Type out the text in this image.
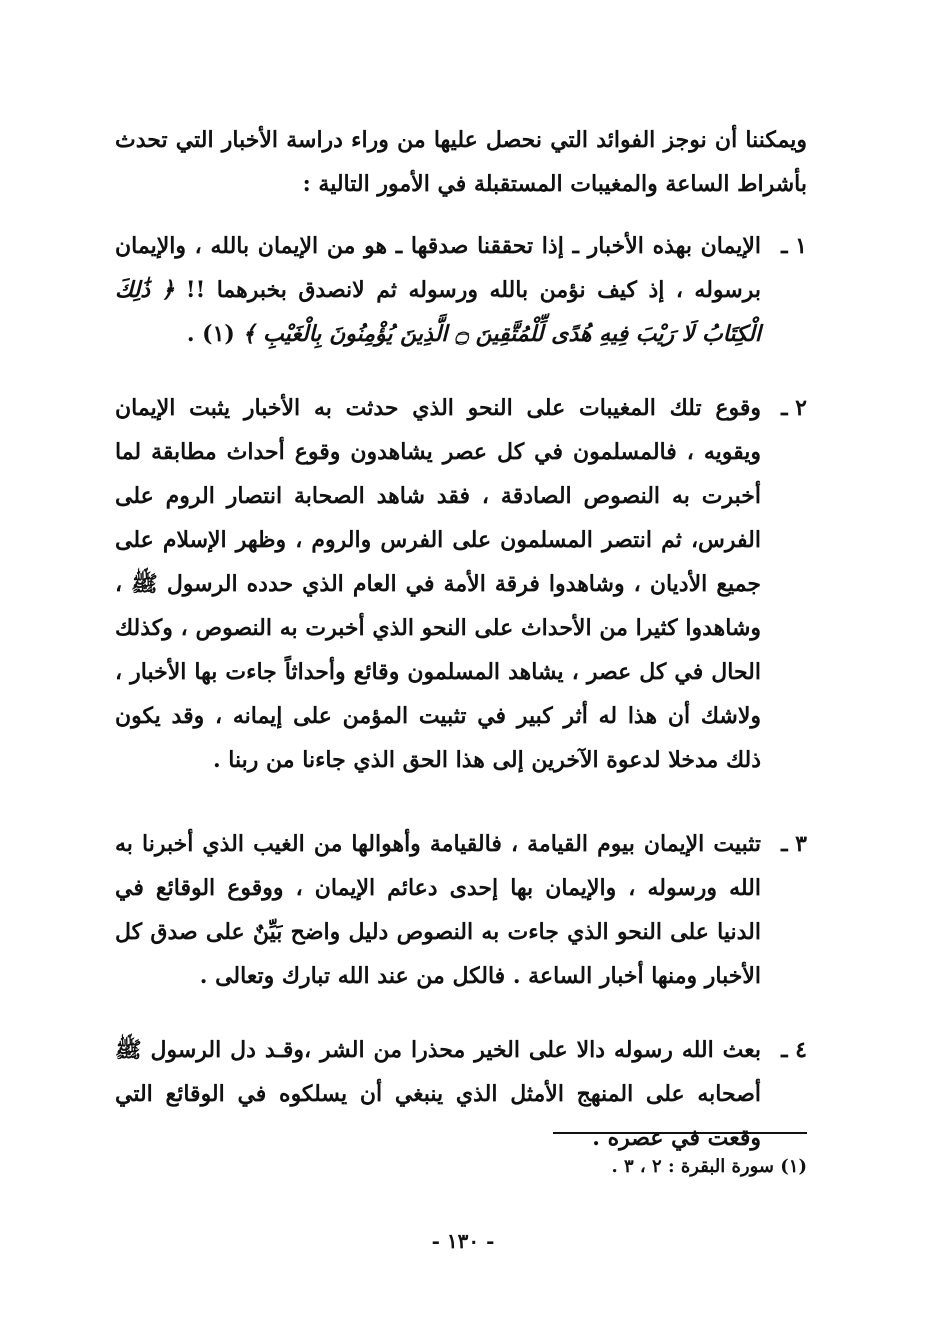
ويمكننا أن نوجز الفوائد التي نحصل عليها من وراء دراسة الأخبار التي تحدث بأشراط الساعة والمغيبات المستقبلة في الأمور التالية :

١ ـ
الإيمان بهذه الأخبار ـ إذا تحققنا صدقها ـ هو من الإيمان بالله ، والإيمان برسوله ، إذ كيف نؤمن بالله ورسوله ثم لانصدق بخبرهما !! ﴿ ذَٰلِكَ الْكِتَابُ لَا رَيْبَ فِيهِ هُدًى لِّلْمُتَّقِينَ ۝ الَّذِينَ يُؤْمِنُونَ بِالْغَيْبِ ﴾ (١) .
٢ ـ
وقوع تلك المغيبات على النحو الذي حدثت به الأخبار يثبت الإيمان ويقويه ، فالمسلمون في كل عصر يشاهدون وقوع أحداث مطابقة لما أخبرت به النصوص الصادقة ، فقد شاهد الصحابة انتصار الروم على الفرس، ثم انتصر المسلمون على الفرس والروم ، وظهر الإسلام على جميع الأديان ، وشاهدوا فرقة الأمة في العام الذي حدده الرسول ﷺ ، وشاهدوا كثيرا من الأحداث على النحو الذي أخبرت به النصوص ، وكذلك الحال في كل عصر ، يشاهد المسلمون وقائع وأحداثاً جاءت بها الأخبار ، ولاشك أن هذا له أثر كبير في تثبيت المؤمن على إيمانه ، وقد يكون ذلك مدخلا لدعوة الآخرين إلى هذا الحق الذي جاءنا من ربنا .
٣ ـ
تثبيت الإيمان بيوم القيامة ، فالقيامة وأهوالها من الغيب الذي أخبرنا به الله ورسوله ، والإيمان بها إحدى دعائم الإيمان ، ووقوع الوقائع في الدنيا على النحو الذي جاءت به النصوص دليل واضح بَيِّنٌ على صدق كل الأخبار ومنها أخبار الساعة . فالكل من عند الله تبارك وتعالى .
٤ ـ
بعث الله رسوله دالا على الخير محذرا من الشر ،وقـد دل الرسول ﷺ أصحابه على المنهج الأمثل الذي ينبغي أن يسلكوه في الوقائع التي وقعت في عصره .
(١) سورة البقرة : ٢ ، ٣ .
- ١٣٠ -
